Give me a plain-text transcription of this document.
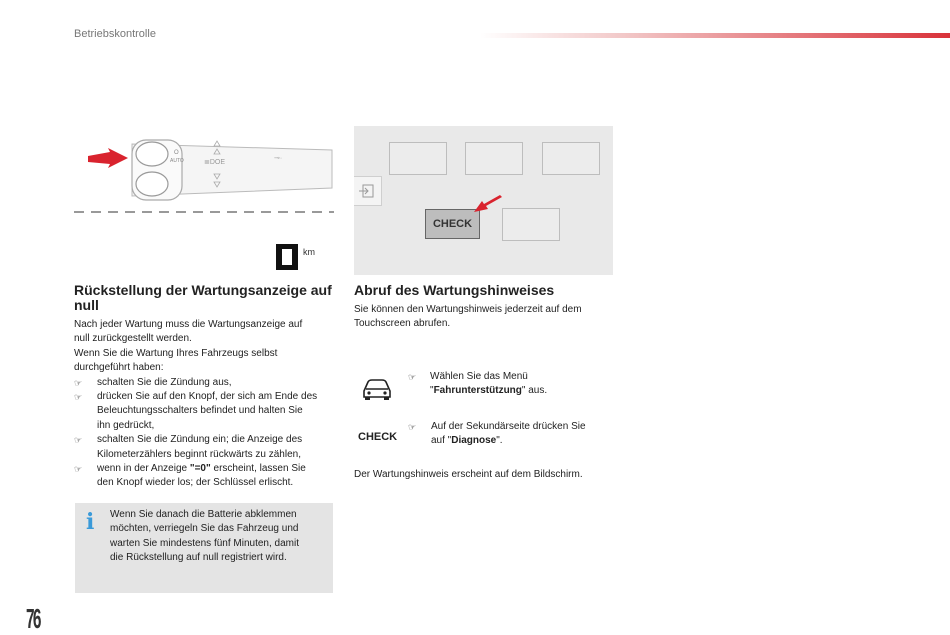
Betriebskontrolle
O
AUTO	≣DOE
⊸·
km
CHECK
Rückstellung der Wartungsanzeige auf null
Nach jeder Wartung muss die Wartungsanzeige auf
null zurückgestellt werden.
Wenn Sie die Wartung Ihres Fahrzeugs selbst
durchgeführt haben:
☞ schalten Sie die Zündung aus,
☞ drücken Sie auf den Knopf, der sich am Ende des
Beleuchtungsschalters befindet und halten Sie
ihn gedrückt,
☞ schalten Sie die Zündung ein; die Anzeige des
Kilometerzählers beginnt rückwärts zu zählen,
☞ wenn in der Anzeige "=0" erscheint, lassen Sie
den Knopf wieder los; der Schlüssel erlischt.
i Wenn Sie danach die Batterie abklemmen
möchten, verriegeln Sie das Fahrzeug und
warten Sie mindestens fünf Minuten, damit
die Rückstellung auf null registriert wird.
Abruf des Wartungshinweises
Sie können den Wartungshinweis jederzeit auf dem
Touchscreen abrufen.
☞	Wählen Sie das Menü
"Fahrunterstützung" aus.
CHECK
☞	Auf der Sekundärseite drücken Sie
auf "Diagnose".
Der Wartungshinweis erscheint auf dem Bildschirm.
76
